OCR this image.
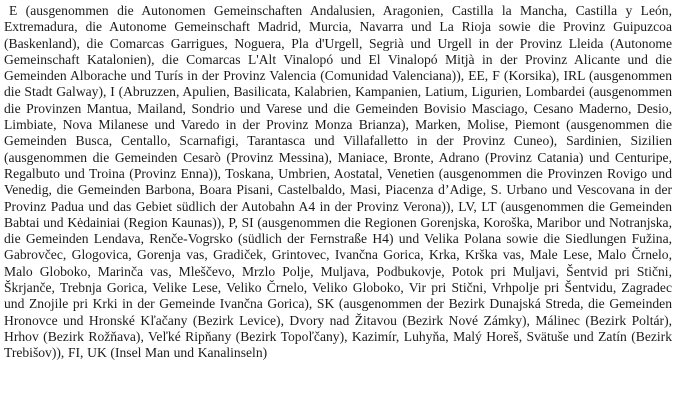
E (ausgenommen die Autonomen Gemeinschaften Andalusien, Aragonien, Castilla la Mancha, Castilla y León, Extremadura, die Autonome Gemeinschaft Madrid, Murcia, Navarra und La Rioja sowie die Provinz Guipuzcoa (Baskenland), die Comarcas Garrigues, Noguera, Pla d'Urgell, Segrià und Urgell in der Provinz Lleida (Autonome Gemeinschaft Katalonien), die Comarcas L'Alt Vinalopó und El Vinalopó Mitjà in der Provinz Alicante und die Gemeinden Alborache und Turís in der Provinz Valencia (Comunidad Valenciana)), EE, F (Korsika), IRL (ausgenommen die Stadt Galway), I (Abruzzen, Apulien, Basilicata, Kalabrien, Kampanien, Latium, Ligurien, Lombardei (ausgenommen die Provinzen Mantua, Mailand, Sondrio und Varese und die Gemeinden Bovisio Masciago, Cesano Maderno, Desio, Limbiate, Nova Milanese und Varedo in der Provinz Monza Brianza), Marken, Molise, Piemont (ausgenommen die Gemeinden Busca, Centallo, Scarnafigi, Tarantasca und Villafalletto in der Provinz Cuneo), Sardinien, Sizilien (ausgenommen die Gemeinden Cesarò (Provinz Messina), Maniace, Bronte, Adrano (Provinz Catania) und Centuripe, Regalbuto und Troina (Provinz Enna)), Toskana, Umbrien, Aostatal, Venetien (ausgenommen die Provinzen Rovigo und Venedig, die Gemeinden Barbona, Boara Pisani, Castelbaldo, Masi, Piacenza d’Adige, S. Urbano und Vescovana in der Provinz Padua und das Gebiet südlich der Autobahn A4 in der Provinz Verona)), LV, LT (ausgenommen die Gemeinden Babtai und Kėdainiai (Region Kaunas)), P, SI (ausgenommen die Regionen Gorenjska, Koroška, Maribor und Notranjska, die Gemeinden Lendava, Renče-Vogrsko (südlich der Fernstraße H4) und Velika Polana sowie die Siedlungen Fužina, Gabrovčec, Glogovica, Gorenja vas, Gradiček, Grintovec, Ivančna Gorica, Krka, Krška vas, Male Lese, Malo Črnelo, Malo Globoko, Marinča vas, Mleščevo, Mrzlo Polje, Muljava, Podbukovje, Potok pri Muljavi, Šentvid pri Stični, Škrjanče, Trebnja Gorica, Velike Lese, Veliko Črnelo, Veliko Globoko, Vir pri Stični, Vrhpolje pri Šentvidu, Zagradec und Znojile pri Krki in der Gemeinde Ivančna Gorica), SK (ausgenommen der Bezirk Dunajská Streda, die Gemeinden Hronovce und Hronské Kľačany (Bezirk Levice), Dvory nad Žitavou (Bezirk Nové Zámky), Málinec (Bezirk Poltár), Hrhov (Bezirk Rožňava), Veľké Ripňany (Bezirk Topoľčany), Kazimír, Luhyňa, Malý Horeš, Svätuše und Zatín (Bezirk Trebišov)), FI, UK (Insel Man und Kanalinseln)
